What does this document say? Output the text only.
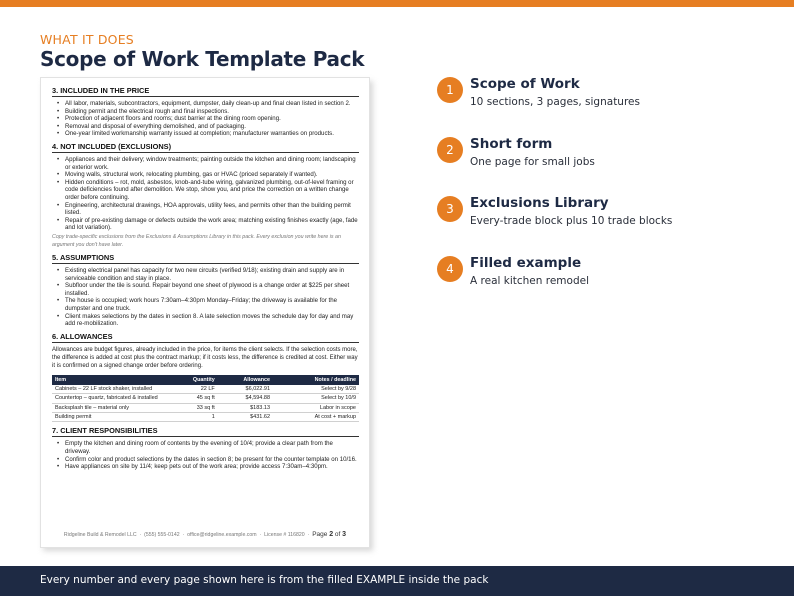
WHAT IT DOES
Scope of Work Template Pack
3. INCLUDED IN THE PRICE
• All labor, materials, subcontractors, equipment, dumpster, daily clean-up and final clean listed in section 2.
• Building permit and the electrical rough and final inspections.
• Protection of adjacent floors and rooms; dust barrier at the dining room opening.
• Removal and disposal of everything demolished, and of packaging.
• One-year limited workmanship warranty issued at completion; manufacturer warranties on products.
4. NOT INCLUDED (EXCLUSIONS)
• Appliances and their delivery; window treatments; painting outside the kitchen and dining room; landscaping or exterior work.
• Moving walls, structural work, relocating plumbing, gas or HVAC (priced separately if wanted).
• Hidden conditions – rot, mold, asbestos, knob-and-tube wiring, galvanized plumbing, out-of-level framing or code deficiencies found after demolition. We stop, show you, and price the correction on a written change order before continuing.
• Engineering, architectural drawings, HOA approvals, utility fees, and permits other than the building permit listed.
• Repair of pre-existing damage or defects outside the work area; matching existing finishes exactly (age, fade and lot variation).
Copy trade-specific exclusions from the Exclusions & Assumptions Library in this pack. Every exclusion you write here is an argument you don't have later.
5. ASSUMPTIONS
• Existing electrical panel has capacity for two new circuits (verified 9/18); existing drain and supply are in serviceable condition and stay in place.
• Subfloor under the tile is sound. Repair beyond one sheet of plywood is a change order at $225 per sheet installed.
• The house is occupied; work hours 7:30am–4:30pm Monday–Friday; the driveway is available for the dumpster and one truck.
• Client makes selections by the dates in section 8. A late selection moves the schedule day for day and may add re-mobilization.
6. ALLOWANCES
Allowances are budget figures, already included in the price, for items the client selects. If the selection costs more, the difference is added at cost plus the contract markup; if it costs less, the difference is credited at cost. Either way it is confirmed on a signed change order before ordering.
Item	Quantity	Allowance	Notes / deadline
Cabinets – 22 LF stock shaker, installed	22 LF	$6,022.91	Select by 9/28
Countertop – quartz, fabricated & installed	45 sq ft	$4,594.88	Select by 10/9
Backsplash tile – material only	33 sq ft	$183.13	Labor in scope
Building permit	1	$431.62	At cost + markup
7. CLIENT RESPONSIBILITIES
• Empty the kitchen and dining room of contents by the evening of 10/4; provide a clear path from the driveway.
• Confirm color and product selections by the dates in section 8; be present for the counter template on 10/16.
• Have appliances on site by 11/4; keep pets out of the work area; provide access 7:30am–4:30pm.
Ridgeline Build & Remodel LLC · (555) 555-0142 · office@ridgeline.example.com · License # 116820 · Page 2 of 3
1	Scope of Work
10 sections, 3 pages, signatures
2	Short form
One page for small jobs
3	Exclusions Library
Every-trade block plus 10 trade blocks
4	Filled example
A real kitchen remodel
Every number and every page shown here is from the filled EXAMPLE inside the pack
